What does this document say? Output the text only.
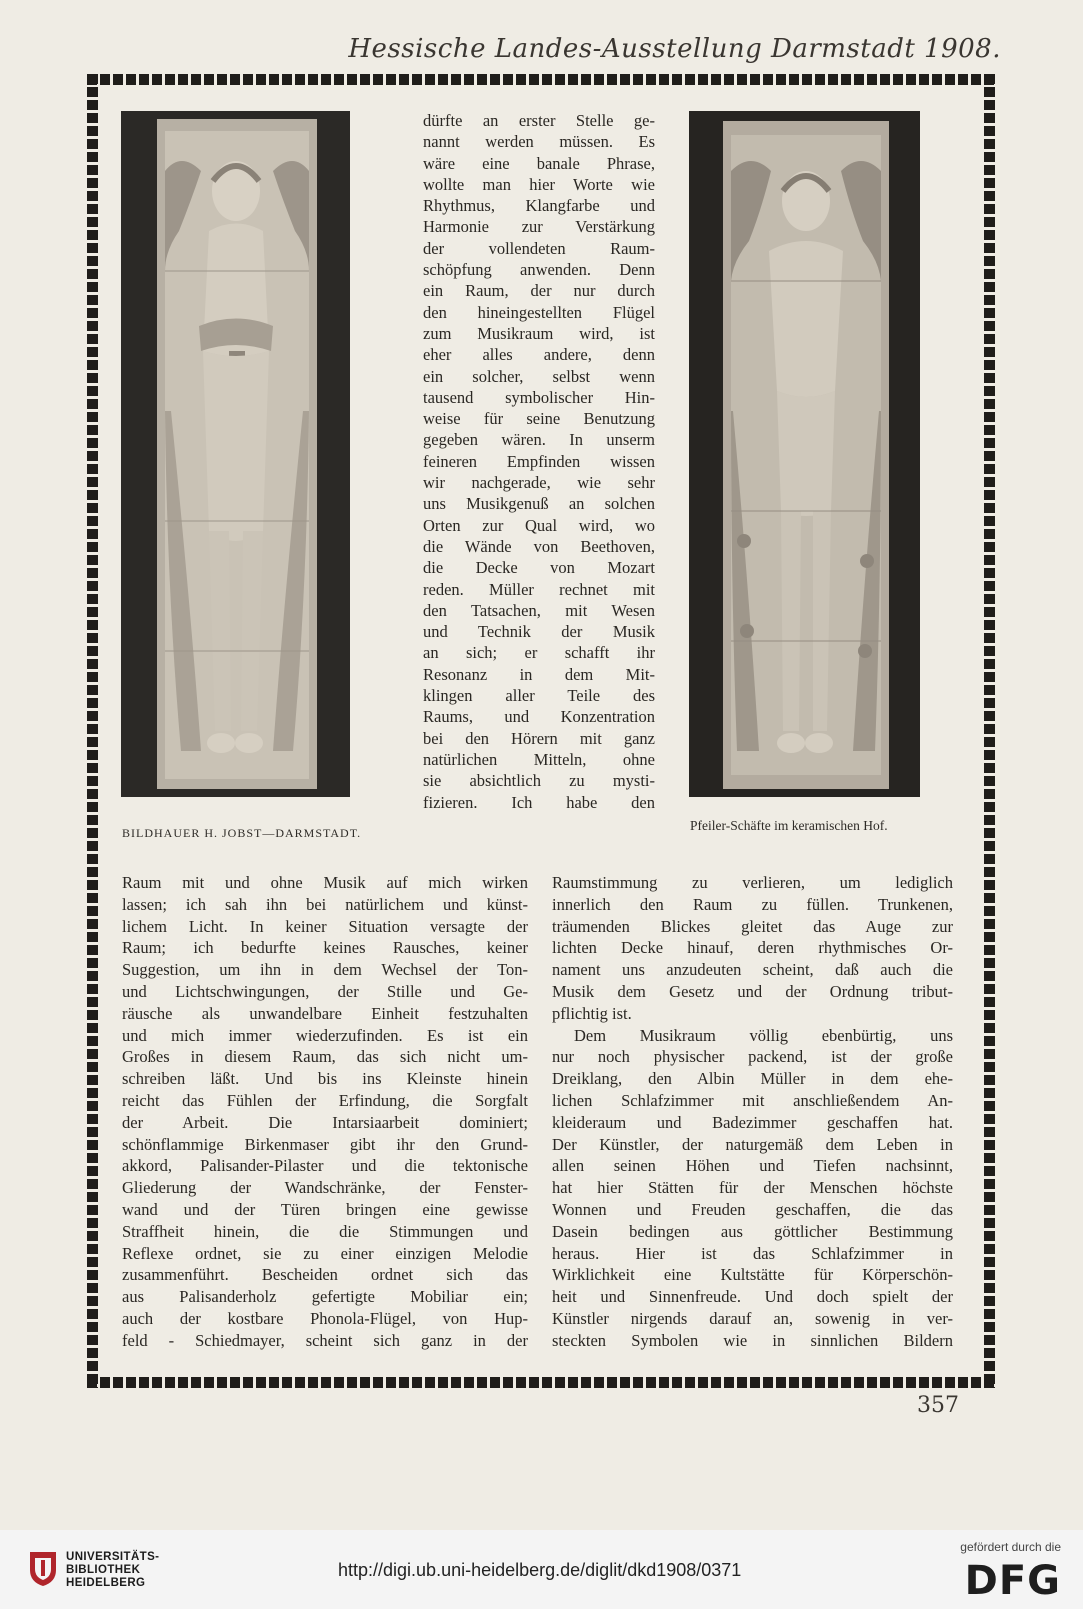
Hessische Landes-Ausstellung Darmstadt 1908.
BILDHAUER H. JOBST—DARMSTADT.
dürfte an erster Stelle ge-
nannt werden müssen. Es
wäre eine banale Phrase,
wollte man hier Worte wie
Rhythmus, Klangfarbe und
Harmonie zur Verstärkung
der vollendeten Raum-
schöpfung anwenden. Denn
ein Raum, der nur durch
den hineingestellten Flügel
zum Musikraum wird, ist
eher alles andere, denn
ein solcher, selbst wenn
tausend symbolischer Hin-
weise für seine Benutzung
gegeben wären. In unserm
feineren Empfinden wissen
wir nachgerade, wie sehr
uns Musikgenuß an solchen
Orten zur Qual wird, wo
die Wände von Beethoven,
die Decke von Mozart
reden. Müller rechnet mit
den Tatsachen, mit Wesen
und Technik der Musik
an sich; er schafft ihr
Resonanz in dem Mit-
klingen aller Teile des
Raums, und Konzentration
bei den Hörern mit ganz
natürlichen Mitteln, ohne
sie absichtlich zu mysti-
fizieren. Ich habe den
Pfeiler-Schäfte im keramischen Hof.
Raum mit und ohne Musik auf mich wirken
lassen; ich sah ihn bei natürlichem und künst-
lichem Licht. In keiner Situation versagte der
Raum; ich bedurfte keines Rausches, keiner
Suggestion, um ihn in dem Wechsel der Ton-
und Lichtschwingungen, der Stille und Ge-
räusche als unwandelbare Einheit festzuhalten
und mich immer wiederzufinden. Es ist ein
Großes in diesem Raum, das sich nicht um-
schreiben läßt. Und bis ins Kleinste hinein
reicht das Fühlen der Erfindung, die Sorgfalt
der Arbeit. Die Intarsiaarbeit dominiert;
schönflammige Birkenmaser gibt ihr den Grund-
akkord, Palisander-Pilaster und die tektonische
Gliederung der Wandschränke, der Fenster-
wand und der Türen bringen eine gewisse
Straffheit hinein, die die Stimmungen und
Reflexe ordnet, sie zu einer einzigen Melodie
zusammenführt. Bescheiden ordnet sich das
aus Palisanderholz gefertigte Mobiliar ein;
auch der kostbare Phonola-Flügel, von Hup-
feld - Schiedmayer, scheint sich ganz in der
Raumstimmung zu verlieren, um lediglich
innerlich den Raum zu füllen. Trunkenen,
träumenden Blickes gleitet das Auge zur
lichten Decke hinauf, deren rhythmisches Or-
nament uns anzudeuten scheint, daß auch die
Musik dem Gesetz und der Ordnung tribut-
pflichtig ist.
Dem Musikraum völlig ebenbürtig, uns
nur noch physischer packend, ist der große
Dreiklang, den Albin Müller in dem ehe-
lichen Schlafzimmer mit anschließendem An-
kleideraum und Badezimmer geschaffen hat.
Der Künstler, der naturgemäß dem Leben in
allen seinen Höhen und Tiefen nachsinnt,
hat hier Stätten für der Menschen höchste
Wonnen und Freuden geschaffen, die das
Dasein bedingen aus göttlicher Bestimmung
heraus. Hier ist das Schlafzimmer in
Wirklichkeit eine Kultstätte für Körperschön-
heit und Sinnenfreude. Und doch spielt der
Künstler nirgends darauf an, sowenig in ver-
steckten Symbolen wie in sinnlichen Bildern
357
UNIVERSITÄTS-
BIBLIOTHEK
HEIDELBERG
http://digi.ub.uni-heidelberg.de/diglit/dkd1908/0371
gefördert durch die
DFG
